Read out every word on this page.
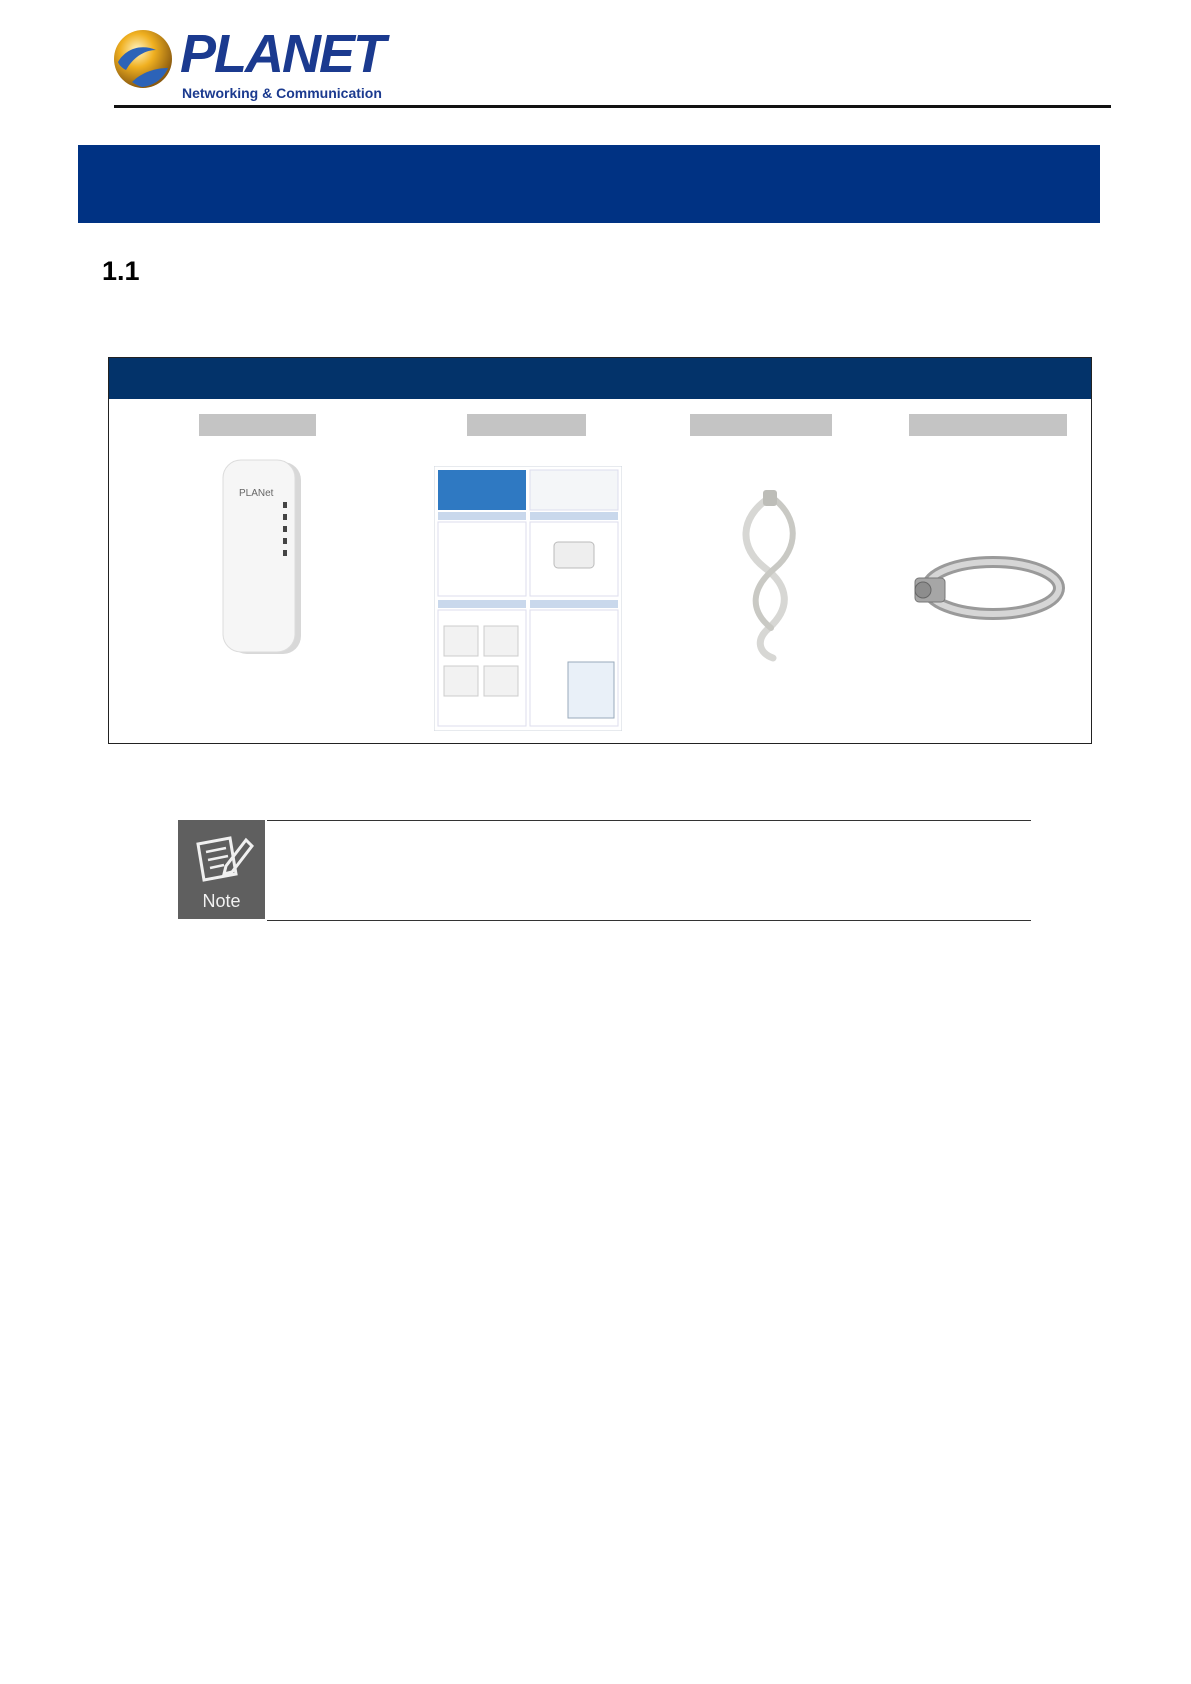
PLANET
Networking & Communication
1.1
PLANet
Note
